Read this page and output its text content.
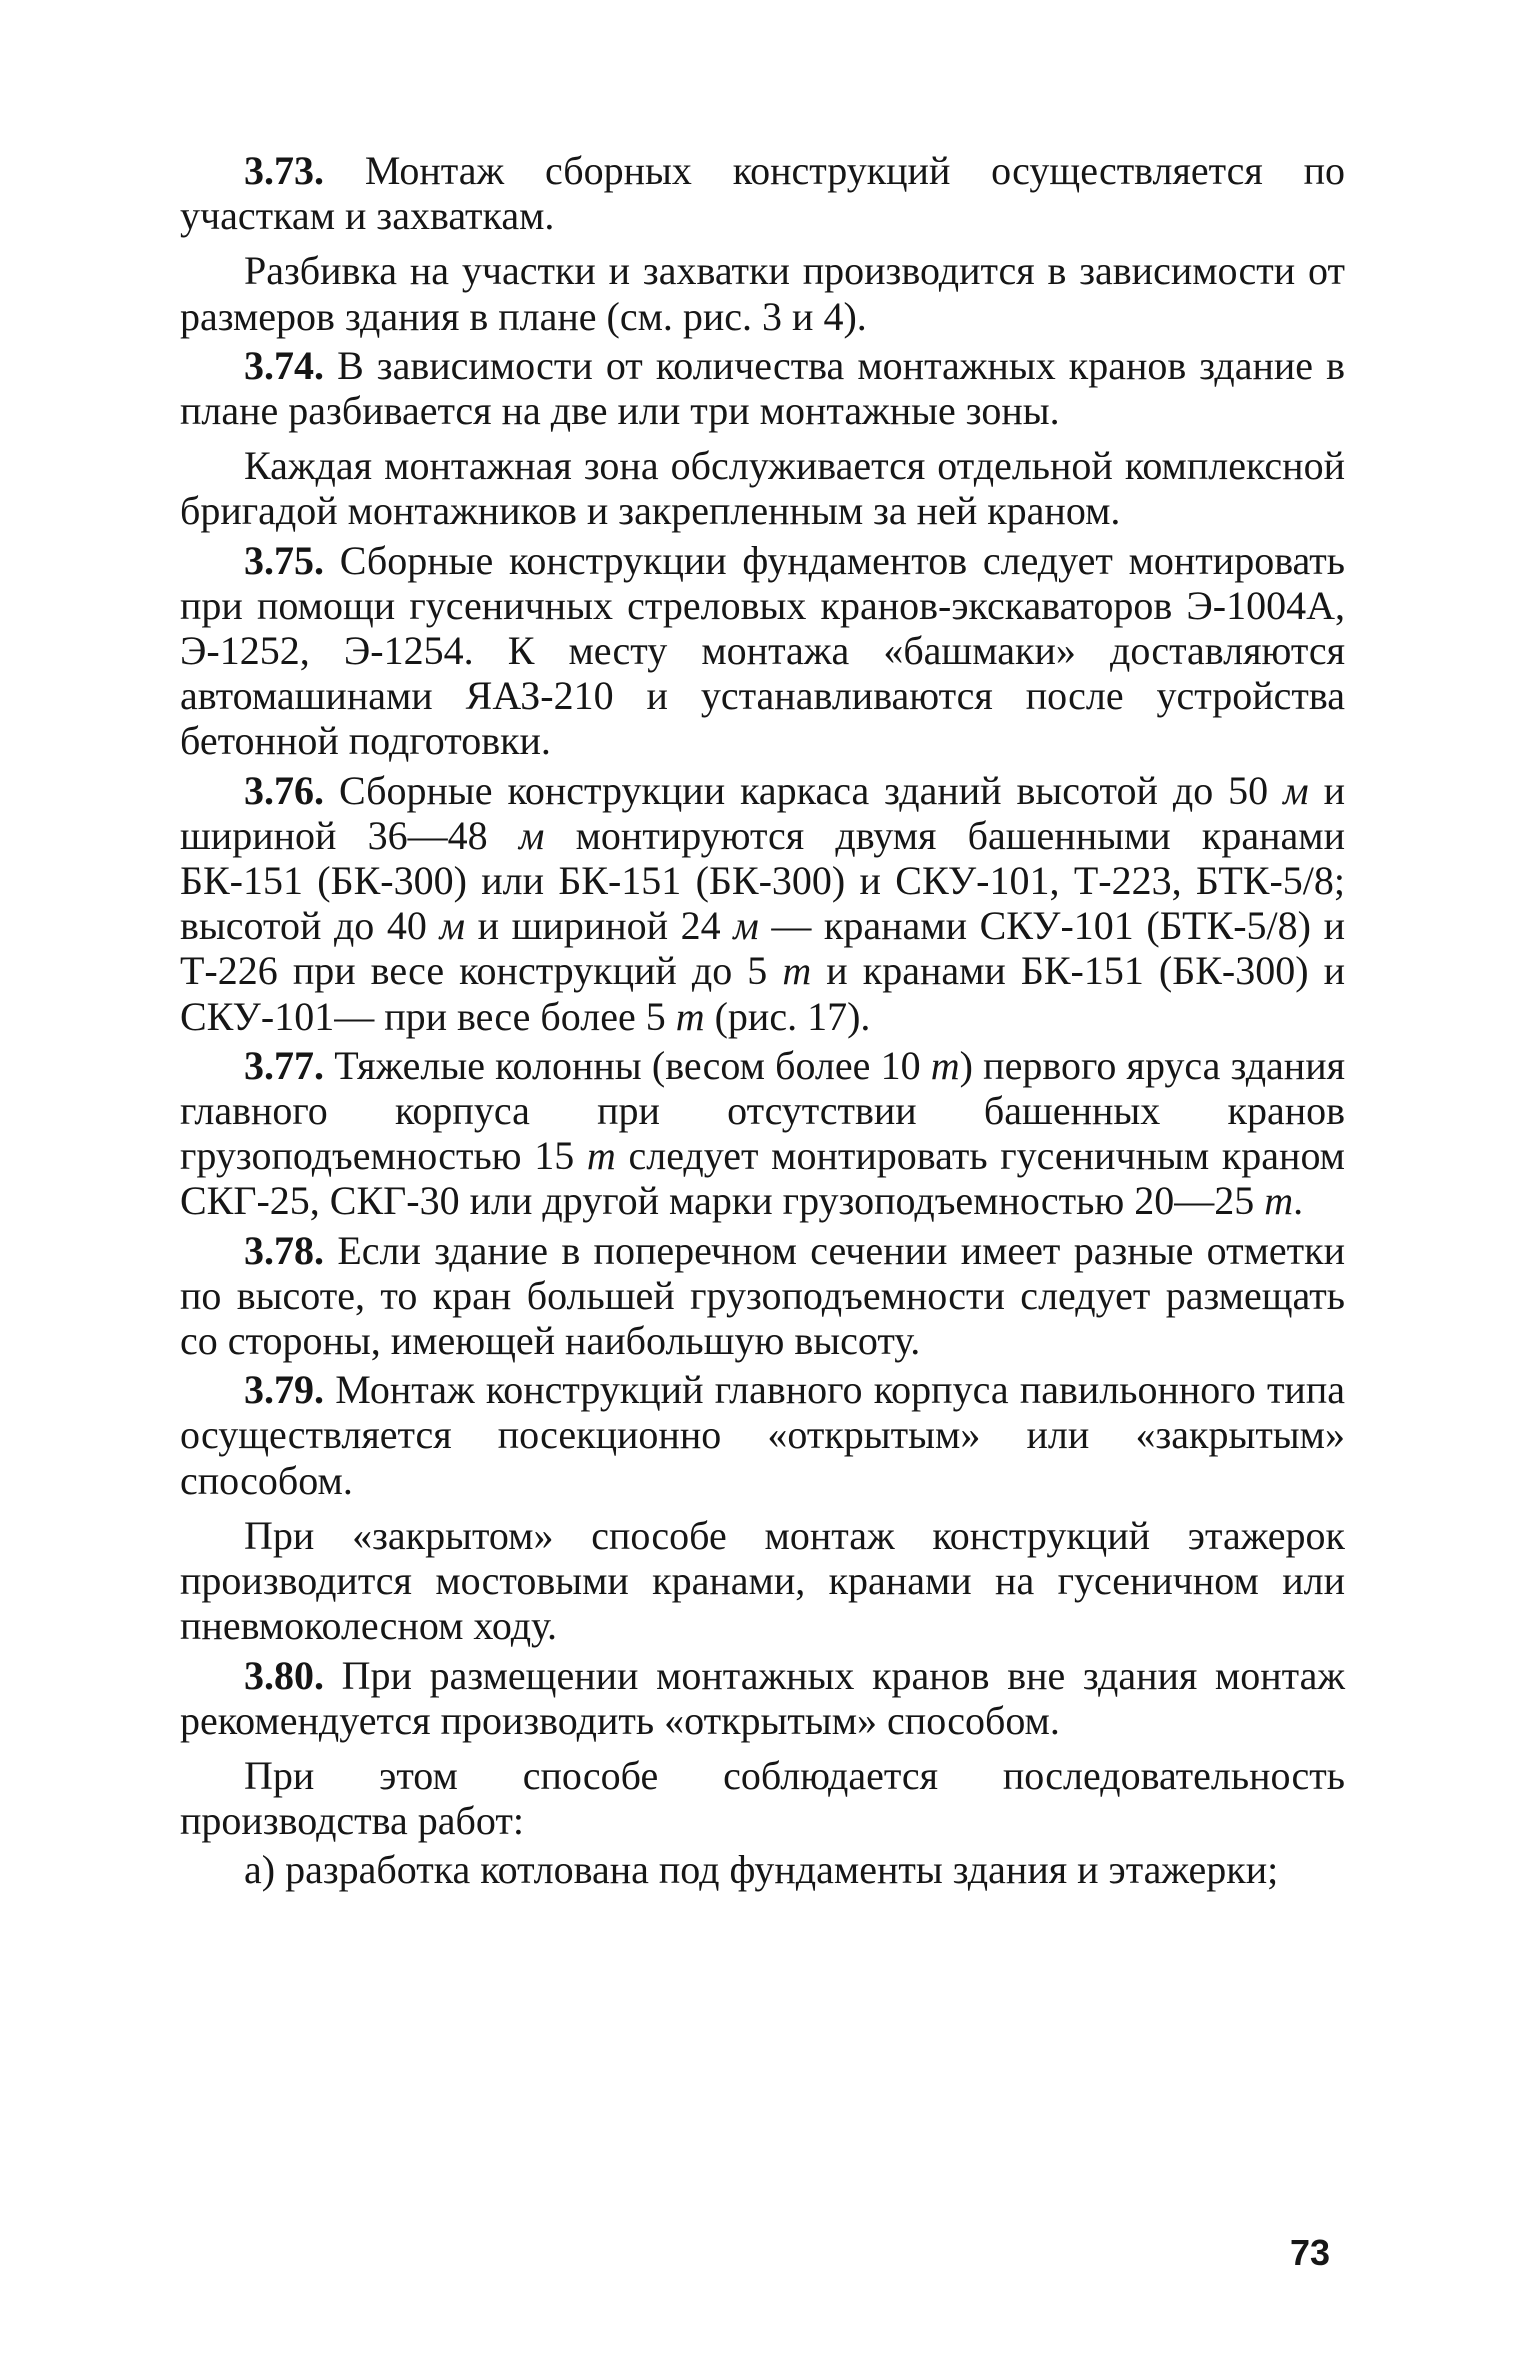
3.73. Монтаж сборных конструкций осуществляется по участкам и захваткам.

Разбивка на участки и захватки производится в зависимости от размеров здания в плане (см. рис. 3 и 4).

3.74. В зависимости от количества монтажных кранов здание в плане разбивается на две или три монтажные зоны.

Каждая монтажная зона обслуживается отдельной комплексной бригадой монтажников и закрепленным за ней краном.

3.75. Сборные конструкции фундаментов следует монтировать при помощи гусеничных стреловых кранов-экскаваторов Э-1004А, Э-1252, Э-1254. К месту монтажа «башмаки» доставляются автомашинами ЯАЗ-210 и устанавливаются после устройства бетонной подготовки.

3.76. Сборные конструкции каркаса зданий высотой до 50 м и шириной 36—48 м монтируются двумя башенными кранами БК-151 (БК-300) или БК-151 (БК-300) и СКУ-101, Т-223, БТК-5/8; высотой до 40 м и шириной 24 м — кранами СКУ-101 (БТК-5/8) и Т-226 при весе конструкций до 5 т и кранами БК-151 (БК-300) и СКУ-101— при весе более 5 т (рис. 17).

3.77. Тяжелые колонны (весом более 10 т) первого яруса здания главного корпуса при отсутствии башенных кранов грузоподъемностью 15 т следует монтировать гусеничным краном СКГ-25, СКГ-30 или другой марки грузоподъемностью 20—25 т.

3.78. Если здание в поперечном сечении имеет разные отметки по высоте, то кран большей грузоподъемности следует размещать со стороны, имеющей наибольшую высоту.

3.79. Монтаж конструкций главного корпуса павильонного типа осуществляется посекционно «открытым» или «закрытым» способом.

При «закрытом» способе монтаж конструкций этажерок производится мостовыми кранами, кранами на гусеничном или пневмоколесном ходу.

3.80. При размещении монтажных кранов вне здания монтаж рекомендуется производить «открытым» способом.

При этом способе соблюдается последовательность производства работ:

а) разработка котлована под фундаменты здания и этажерки;

73
